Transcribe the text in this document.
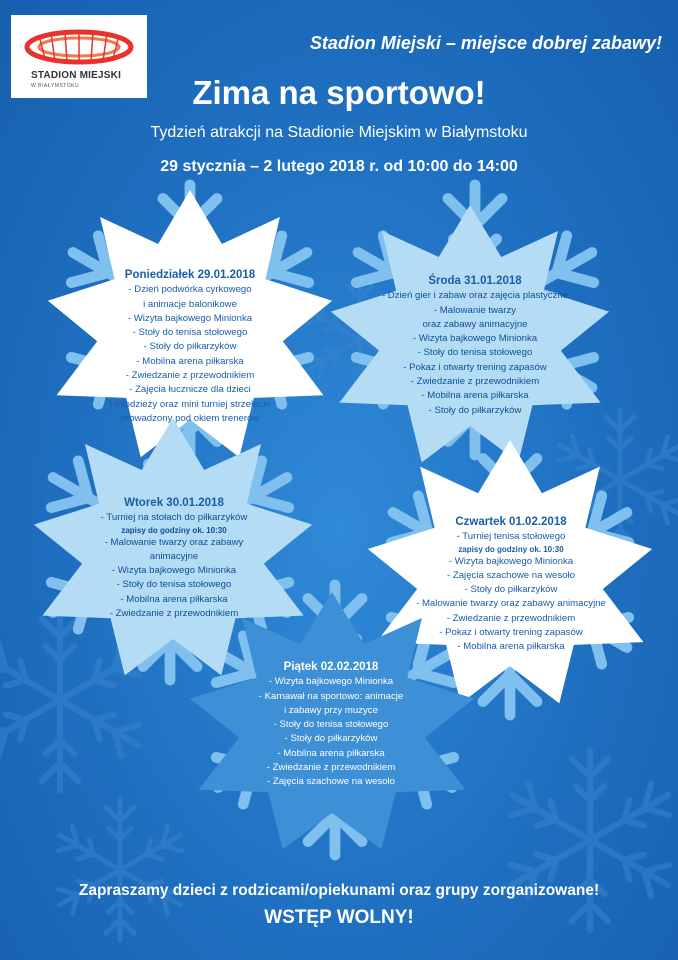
STADION MIEJSKI
W BIAŁYMSTOKU
Stadion Miejski – miejsce dobrej zabawy!
Zima na sportowo!
Tydzień atrakcji na Stadionie Miejskim w Białymstoku
29 stycznia – 2 lutego 2018 r. od 10:00 do 14:00
Poniedziałek 29.01.2018
- Dzień podwórka cyrkowego
i animacje balonikowe
- Wizyta bajkowego Minionka
- Stoły do tenisa stołowego
- Stoły do piłkarzyków
- Mobilna arena piłkarska
- Zwiedzanie z przewodnikiem
- Zajęcia łucznicze dla dzieci
i młodzieży oraz mini turniej strzelecki
prowadzony pod okiem trenerów
Środa 31.01.2018
- Dzień gier i zabaw oraz zajęcia plastyczne
- Malowanie twarzy
oraz zabawy animacyjne
- Wizyta bajkowego Minionka
- Stoły do tenisa stołowego
- Pokaz i otwarty trening zapasów
- Zwiedzanie z przewodnikiem
- Mobilna arena piłkarska
- Stoły do piłkarzyków
Wtorek 30.01.2018
- Turniej na stołach do piłkarzyków
zapisy do godziny ok. 10:30
- Malowanie twarzy oraz zabawy
animacyjne
- Wizyta bajkowego Minionka
- Stoły do tenisa stołowego
- Mobilna arena piłkarska
- Zwiedzanie z przewodnikiem
Czwartek 01.02.2018
- Turniej tenisa stołowego
zapisy do godziny ok. 10:30
- Wizyta bajkowego Minionka
- Zajęcia szachowe na wesoło
- Stoły do piłkarzyków
- Malowanie twarzy oraz zabawy animacyjne
- Zwiedzanie z przewodnikiem
- Pokaz i otwarty trening zapasów
- Mobilna arena piłkarska
Piątek 02.02.2018
- Wizyta bajkowego Minionka
- Karnawał na sportowo: animacje
i zabawy przy muzyce
- Stoły do tenisa stołowego
- Stoły do piłkarzyków
- Mobilna arena piłkarska
- Zwiedzanie z przewodnikiem
- Zajęcia szachowe na wesoło
Zapraszamy dzieci z rodzicami/opiekunami oraz grupy zorganizowane!
WSTĘP WOLNY!
